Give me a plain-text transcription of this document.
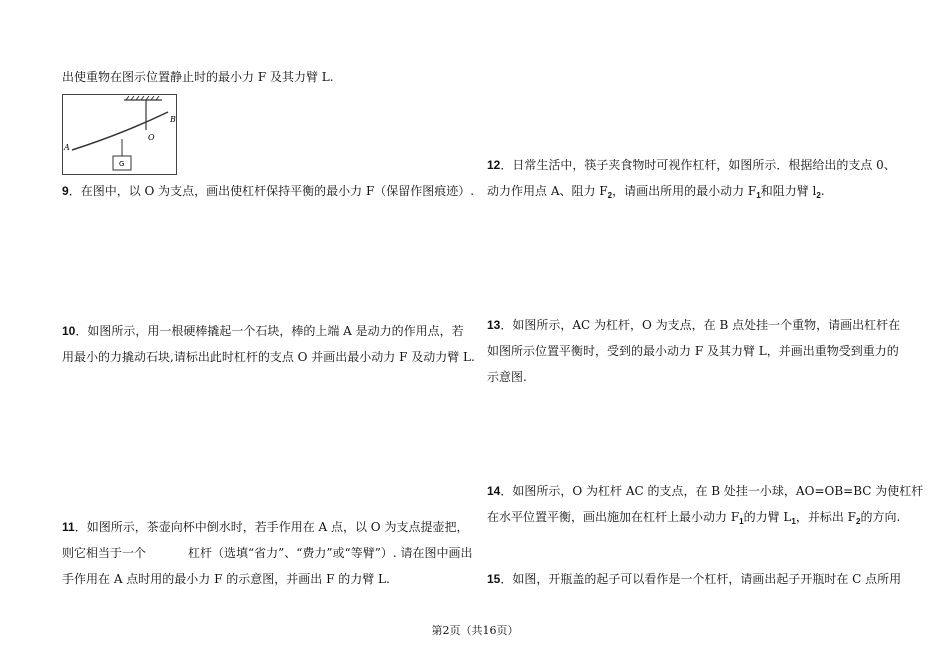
出使重物在图示位置静止时的最小力 F 及其力臂 L.
A
B
O
G
9．在图中，以 O 为支点，画出使杠杆保持平衡的最小力 F（保留作图痕迹）.
10．如图所示，用一根硬棒撬起一个石块，棒的上端 A 是动力的作用点，若
用最小的力撬动石块,请标出此时杠杆的支点 O 并画出最小动力 F 及动力臂 L.
11．如图所示，茶壶向杯中倒水时，若手作用在 A 点，以 O 为支点提壶把，
则它相当于一个	杠杆（选填“省力”、“费力”或“等臂”）. 请在图中画出
手作用在 A 点时用的最小力 F 的示意图，并画出 F 的力臂 L.
12．日常生活中，筷子夹食物时可视作杠杆，如图所示．根据给出的支点 0、
动力作用点 A、阻力 $F_2$，请画出所用的最小动力 $F_1$和阻力臂 $l_2$.
13．如图所示，AC 为杠杆，O 为支点，在 B 点处挂一个重物，请画出杠杆在
如图所示位置平衡时，受到的最小动力 F 及其力臂 L，并画出重物受到重力的
示意图.
14．如图所示，O 为杠杆 AC 的支点，在 B 处挂一小球，AO=OB=BC 为使杠杆
在水平位置平衡，画出施加在杠杆上最小动力 $F_1$的力臂 $L_1$，并标出 $F_2$的方向.
15．如图，开瓶盖的起子可以看作是一个杠杆，请画出起子开瓶时在 C 点所用
第2页（共16页）
